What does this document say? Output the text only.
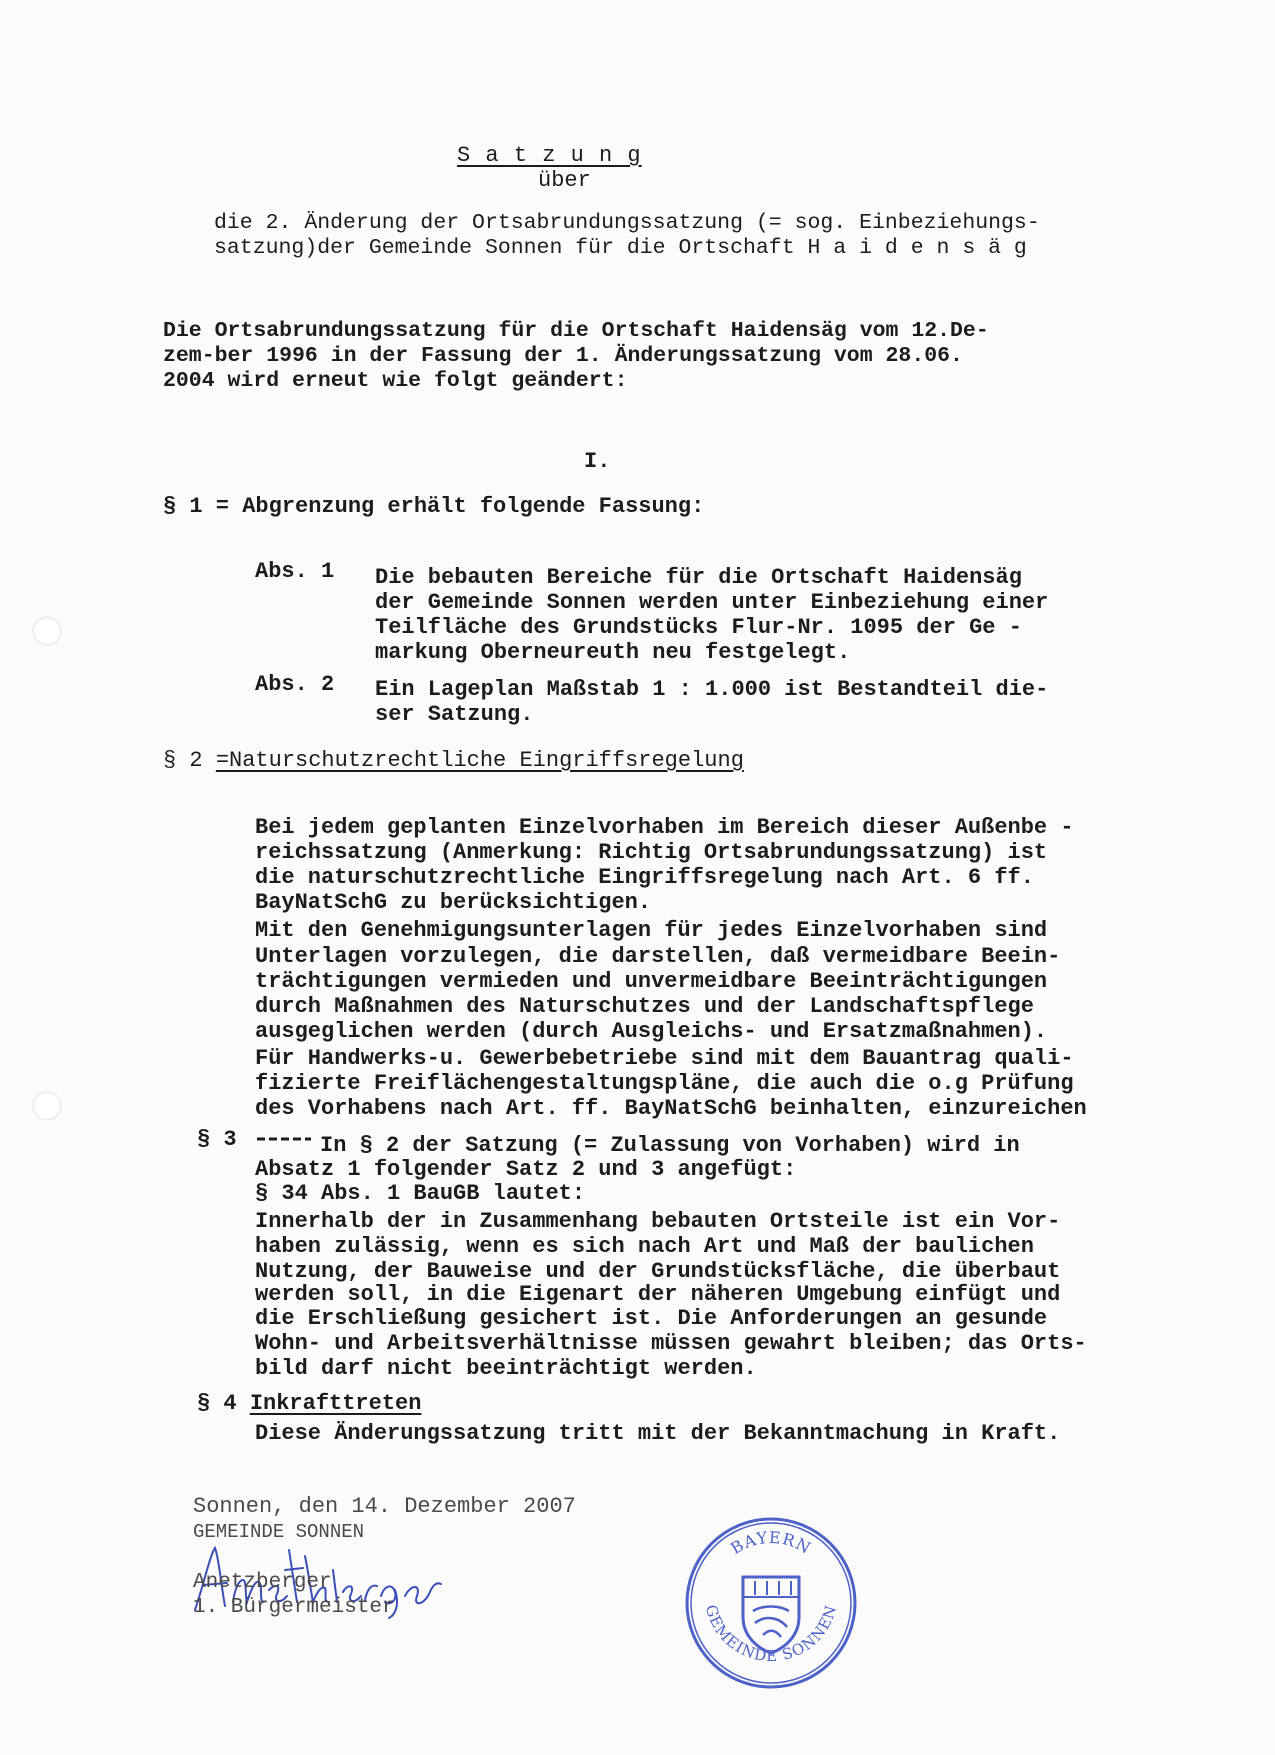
S a t z u n g
über
die 2. Änderung der Ortsabrundungssatzung (= sog. Einbeziehungs-
satzung)der Gemeinde Sonnen für die Ortschaft H a i d e n s ä g
Die Ortsabrundungssatzung für die Ortschaft Haidensäg vom 12.De-
zem-ber 1996 in der Fassung der 1. Änderungssatzung vom 28.06.
2004 wird erneut wie folgt geändert:
I.
§ 1 = Abgrenzung erhält folgende Fassung:
Abs. 1 Die bebauten Bereiche für die Ortschaft Haidensäg
der Gemeinde Sonnen werden unter Einbeziehung einer
Teilfläche des Grundstücks Flur-Nr. 1095 der Ge -
markung Oberneureuth neu festgelegt.
Abs. 2 Ein Lageplan Maßstab 1 : 1.000 ist Bestandteil die-
ser Satzung.
§ 2 =Naturschutzrechtliche Eingriffsregelung
Bei jedem geplanten Einzelvorhaben im Bereich dieser Außenbe -
reichssatzung (Anmerkung: Richtig Ortsabrundungssatzung) ist
die naturschutzrechtliche Eingriffsregelung nach Art. 6 ff.
BayNatSchG zu berücksichtigen.
Mit den Genehmigungsunterlagen für jedes Einzelvorhaben sind
Unterlagen vorzulegen, die darstellen, daß vermeidbare Beein-
trächtigungen vermieden und unvermeidbare Beeinträchtigungen
durch Maßnahmen des Naturschutzes und der Landschaftspflege
ausgeglichen werden (durch Ausgleichs- und Ersatzmaßnahmen).
Für Handwerks-u. Gewerbebetriebe sind mit dem Bauantrag quali-
fizierte Freiflächengestaltungspläne, die auch die o.g Prüfung
des Vorhabens nach Art. ff. BayNatSchG beinhalten, einzureichen
§ 3	In § 2 der Satzung (= Zulassung von Vorhaben) wird in
Absatz 1 folgender Satz 2 und 3 angefügt:
§ 34 Abs. 1 BauGB lautet:
Innerhalb der in Zusammenhang bebauten Ortsteile ist ein Vor-
haben zulässig, wenn es sich nach Art und Maß der baulichen
Nutzung, der Bauweise und der Grundstücksfläche, die überbaut
werden soll, in die Eigenart der näheren Umgebung einfügt und
die Erschließung gesichert ist. Die Anforderungen an gesunde
Wohn- und Arbeitsverhältnisse müssen gewahrt bleiben; das Orts-
bild darf nicht beeinträchtigt werden.
§ 4 Inkrafttreten
Diese Änderungssatzung tritt mit der Bekanntmachung in Kraft.
Sonnen, den 14. Dezember 2007
GEMEINDE SONNEN
Anetzberger
1. Bürgermeister
BAYERN
GEMEINDE SONNEN
